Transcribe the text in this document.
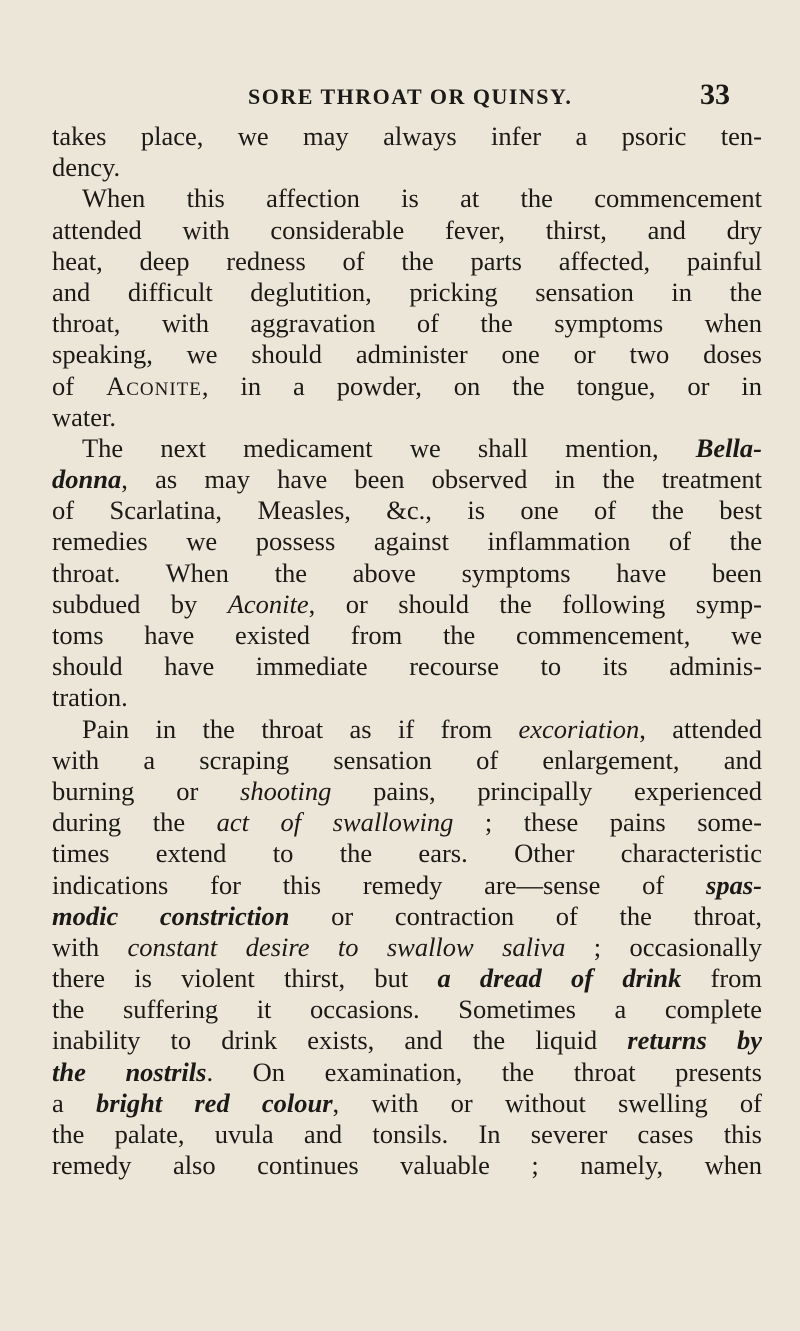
SORE THROAT OR QUINSY.	33
takes place, we may always infer a psoric ten-
dency.
When this affection is at the commencement
attended with considerable fever, thirst, and dry
heat, deep redness of the parts affected, painful
and difficult deglutition, pricking sensation in the
throat, with aggravation of the symptoms when
speaking, we should administer one or two doses
of Aconite, in a powder, on the tongue, or in
water.
The next medicament we shall mention, Bella-
donna, as may have been observed in the treatment
of Scarlatina, Measles, &c., is one of the best
remedies we possess against inflammation of the
throat. When the above symptoms have been
subdued by Aconite, or should the following symp-
toms have existed from the commencement, we
should have immediate recourse to its adminis-
tration.
Pain in the throat as if from excoriation, attended
with a scraping sensation of enlargement, and
burning or shooting pains, principally experienced
during the act of swallowing ; these pains some-
times extend to the ears. Other characteristic
indications for this remedy are—sense of spas-
modic constriction or contraction of the throat,
with constant desire to swallow saliva ; occasionally
there is violent thirst, but a dread of drink from
the suffering it occasions. Sometimes a complete
inability to drink exists, and the liquid returns by
the nostrils. On examination, the throat presents
a bright red colour, with or without swelling of
the palate, uvula and tonsils. In severer cases this
remedy also continues valuable ; namely, when
